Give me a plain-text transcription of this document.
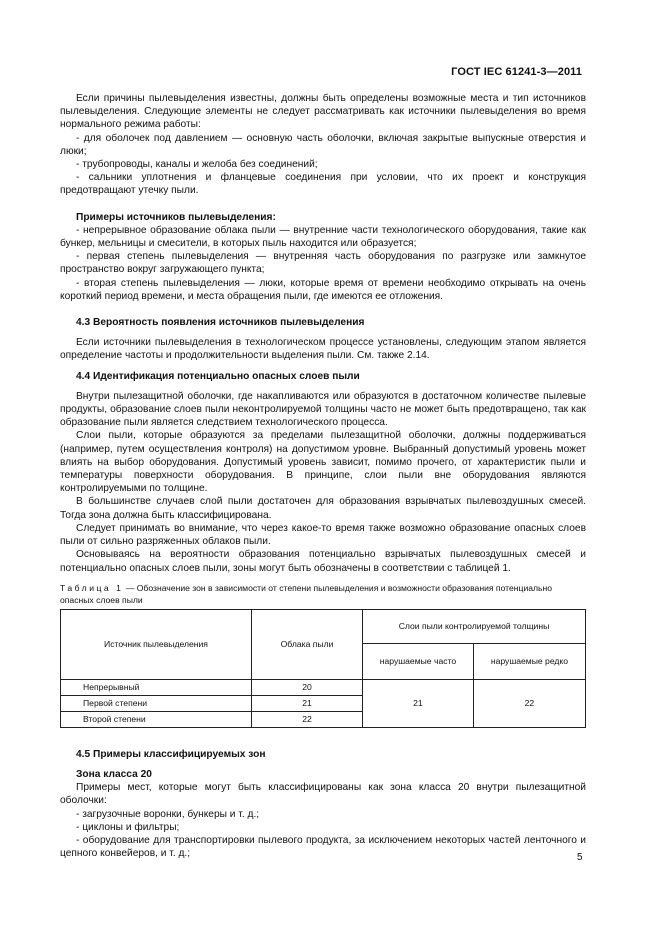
ГОСТ IEC 61241-3—2011

Если причины пылевыделения известны, должны быть определены возможные места и тип источников пылевыделения. Следующие элементы не следует рассматривать как источники пылевыделения во время нормального режима работы:

- для оболочек под давлением — основную часть оболочки, включая закрытые выпускные отверстия и люки;

- трубопроводы, каналы и желоба без соединений;

- сальники уплотнения и фланцевые соединения при условии, что их проект и конструкция предотвращают утечку пыли.

Примеры источников пылевыделения:

- непрерывное образование облака пыли — внутренние части технологического оборудования, такие как бункер, мельницы и смесители, в которых пыль находится или образуется;

- первая степень пылевыделения — внутренняя часть оборудования по разгрузке или замкнутое пространство вокруг загружающего пункта;

- вторая степень пылевыделения — люки, которые время от времени необходимо открывать на очень короткий период времени, и места обращения пыли, где имеются ее отложения.

4.3 Вероятность появления источников пылевыделения

Если источники пылевыделения в технологическом процессе установлены, следующим этапом является определение частоты и продолжительности выделения пыли. См. также 2.14.

4.4 Идентификация потенциально опасных слоев пыли

Внутри пылезащитной оболочки, где накапливаются или образуются в достаточном количестве пылевые продукты, образование слоев пыли неконтролируемой толщины часто не может быть предотвращено, так как образование пыли является следствием технологического процесса.

Слои пыли, которые образуются за пределами пылезащитной оболочки, должны поддерживаться (например, путем осуществления контроля) на допустимом уровне. Выбранный допустимый уровень может влиять на выбор оборудования. Допустимый уровень зависит, помимо прочего, от характеристик пыли и температуры поверхности оборудования. В принципе, слои пыли вне оборудования являются контролируемыми по толщине.

В большинстве случаев слой пыли достаточен для образования взрывчатых пылевоздушных смесей. Тогда зона должна быть классифицирована.

Следует принимать во внимание, что через какое-то время также возможно образование опасных слоев пыли от сильно разряженных облаков пыли.

Основываясь на вероятности образования потенциально взрывчатых пылевоздушных смесей и потенциально опасных слоев пыли, зоны могут быть обозначены в соответствии с таблицей 1.

Таблица 1 — Обозначение зон в зависимости от степени пылевыделения и возможности образования потенциально опасных слоев пыли

Источник пылевыделения	Облака пыли	Слои пыли контролируемой толщины	
		нарушаемые часто	нарушаемые редко
Непрерывный	20	21	22
Первой степени	21		
Второй степени	22		

4.5 Примеры классифицируемых зон

Зона класса 20

Примеры мест, которые могут быть классифицированы как зона класса 20 внутри пылезащитной оболочки:

- загрузочные воронки, бункеры и т. д.;

- циклоны и фильтры;

- оборудование для транспортировки пылевого продукта, за исключением некоторых частей ленточного и цепного конвейеров, и т. д.;	5
